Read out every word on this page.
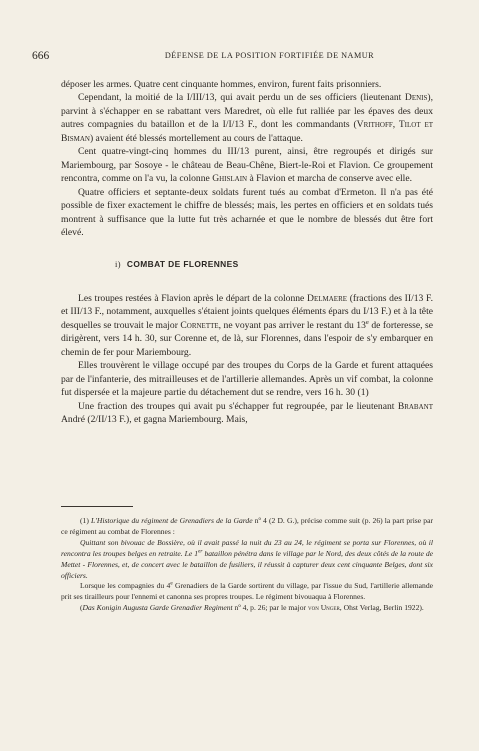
666	DÉFENSE DE LA POSITION FORTIFIÉE DE NAMUR

déposer les armes. Quatre cent cinquante hommes, environ, furent faits prisonniers.

Cependant, la moitié de la I/III/13, qui avait perdu un de ses officiers (lieutenant Denis), parvint à s'échapper en se rabattant vers Maredret, où elle fut ralliée par les épaves des deux autres compagnies du bataillon et de la I/I/13 F., dont les commandants (Vrithoff, Tilot et Bisman) avaient été blessés mortellement au cours de l'attaque.

Cent quatre-vingt-cinq hommes du III/13 purent, ainsi, être regroupés et dirigés sur Mariembourg, par Sosoye - le château de Beau-Chêne, Biert-le-Roi et Flavion. Ce groupement rencontra, comme on l'a vu, la colonne Ghislain à Flavion et marcha de conserve avec elle.

Quatre officiers et septante-deux soldats furent tués au combat d'Ermeton. Il n'a pas été possible de fixer exactement le chiffre de blessés; mais, les pertes en officiers et en soldats tués montrent à suffisance que la lutte fut très acharnée et que le nombre de blessés dut être fort élevé.

i) COMBAT DE FLORENNES

Les troupes restées à Flavion après le départ de la colonne Delmaere (fractions des II/13 F. et III/13 F., notamment, auxquelles s'étaient joints quelques éléments épars du I/13 F.) et à la tête desquelles se trouvait le major Cornette, ne voyant pas arriver le restant du 13e de forteresse, se dirigèrent, vers 14 h. 30, sur Corenne et, de là, sur Florennes, dans l'espoir de s'y embarquer en chemin de fer pour Mariembourg.

Elles trouvèrent le village occupé par des troupes du Corps de la Garde et furent attaquées par de l'infanterie, des mitrailleuses et de l'artillerie allemandes. Après un vif combat, la colonne fut dispersée et la majeure partie du détachement dut se rendre, vers 16 h. 30 (1)

Une fraction des troupes qui avait pu s'échapper fut regroupée, par le lieutenant Brabant André (2/II/13 F.), et gagna Mariembourg. Mais,

(1) L'Historique du régiment de Grenadiers de la Garde nº 4 (2 D. G.), précise comme suit (p. 26) la part prise par ce régiment au combat de Florennes :

Quittant son bivouac de Bossière, où il avait passé la nuit du 23 au 24, le régiment se porta sur Florennes, où il rencontra les troupes belges en retraite. Le 1er bataillon pénétra dans le village par le Nord, des deux côtés de la route de Mettet - Florennes, et, de concert avec le bataillon de fusiliers, il réussit à capturer deux cent cinquante Belges, dont six officiers.

Lorsque les compagnies du 4e Grenadiers de la Garde sortirent du village, par l'issue du Sud, l'artillerie allemande prit ses tirailleurs pour l'ennemi et canonna ses propres troupes. Le régiment bivouaqua à Florennes.

(Das Konigin Augusta Garde Grenadier Regiment nº 4, p. 26; par le major von Unger, Ohst Verlag, Berlin 1922).
